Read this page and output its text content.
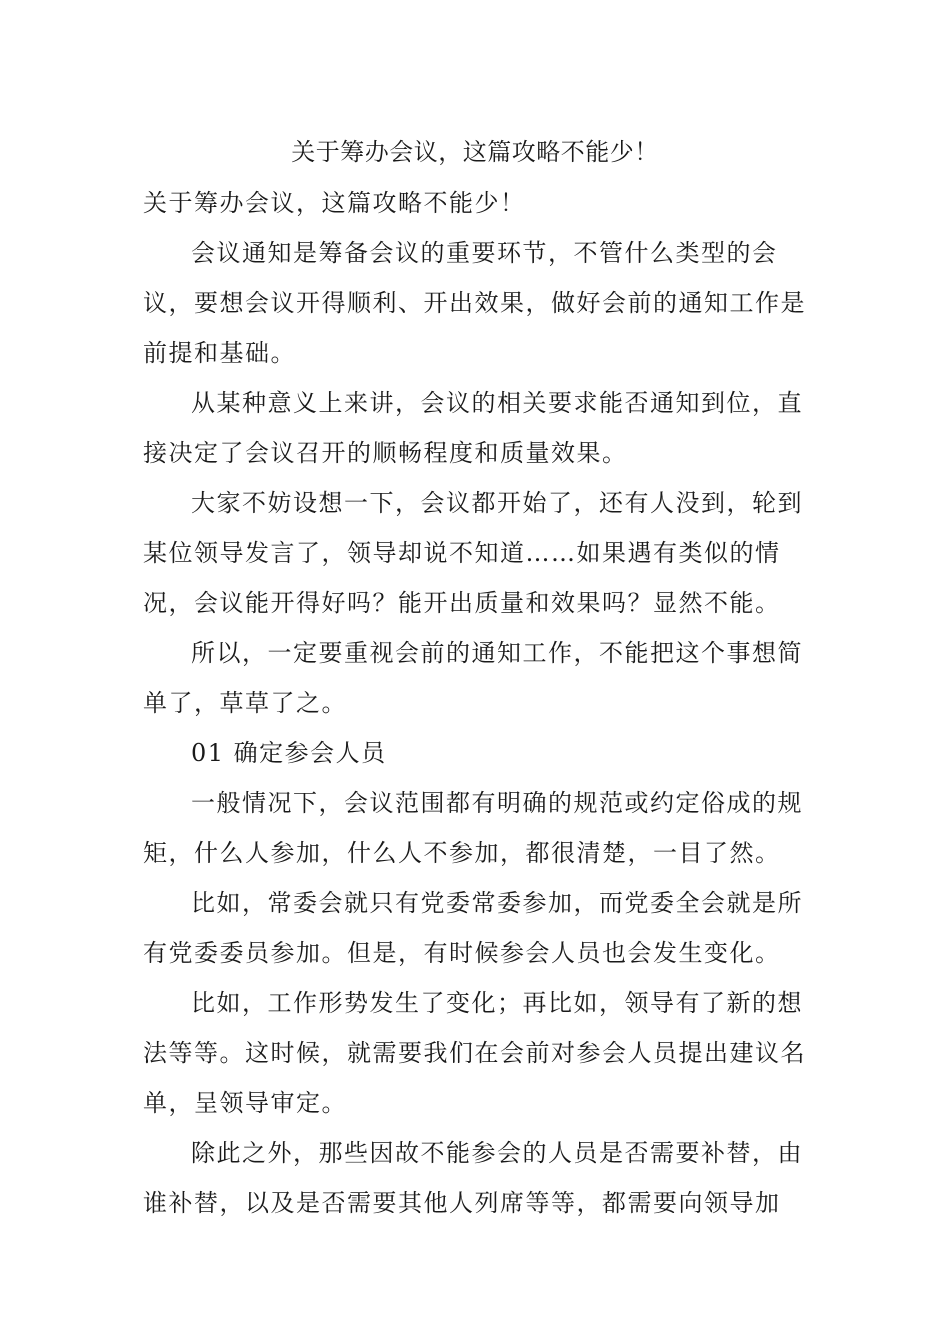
关于筹办会议，这篇攻略不能少！

关于筹办会议，这篇攻略不能少！

会议通知是筹备会议的重要环节，不管什么类型的会议，要想会议开得顺利、开出效果，做好会前的通知工作是前提和基础。

从某种意义上来讲，会议的相关要求能否通知到位，直接决定了会议召开的顺畅程度和质量效果。

大家不妨设想一下，会议都开始了，还有人没到，轮到某位领导发言了，领导却说不知道……如果遇有类似的情况，会议能开得好吗？能开出质量和效果吗？显然不能。

所以，一定要重视会前的通知工作，不能把这个事想简单了，草草了之。

01 确定参会人员

一般情况下，会议范围都有明确的规范或约定俗成的规矩，什么人参加，什么人不参加，都很清楚，一目了然。

比如，常委会就只有党委常委参加，而党委全会就是所有党委委员参加。但是，有时候参会人员也会发生变化。

比如，工作形势发生了变化；再比如，领导有了新的想法等等。这时候，就需要我们在会前对参会人员提出建议名单，呈领导审定。

除此之外，那些因故不能参会的人员是否需要补替，由谁补替，以及是否需要其他人列席等等，都需要向领导加
